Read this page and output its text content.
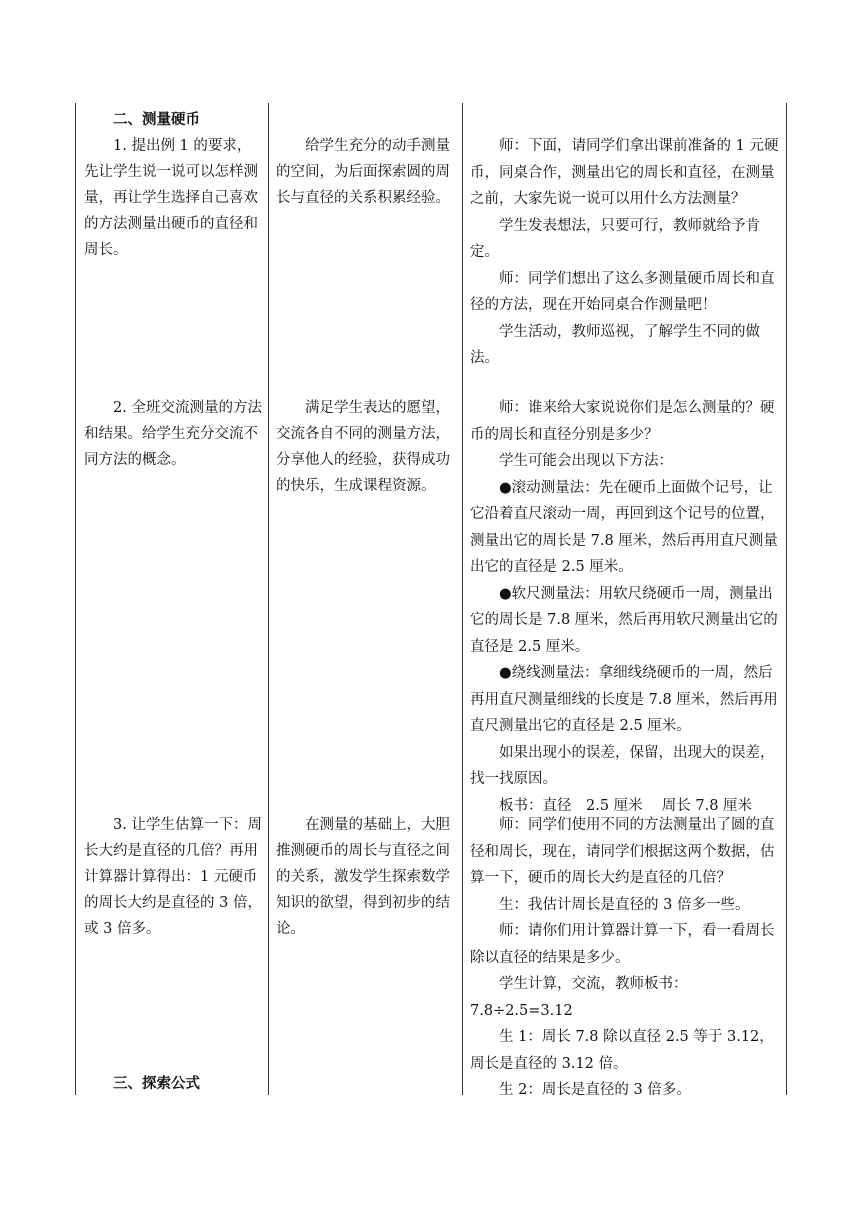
二、测量硬币

1. 提出例 1 的要求，先让学生说一说可以怎样测量，再让学生选择自己喜欢的方法测量出硬币的直径和周长。

2. 全班交流测量的方法和结果。给学生充分交流不同方法的概念。

3. 让学生估算一下：周长大约是直径的几倍？再用计算器计算得出：1 元硬币的周长大约是直径的 3 倍，或 3 倍多。

三、探索公式

给学生充分的动手测量的空间，为后面探索圆的周长与直径的关系积累经验。

满足学生表达的愿望，交流各自不同的测量方法，分享他人的经验，获得成功的快乐，生成课程资源。

在测量的基础上，大胆推测硬币的周长与直径之间的关系，激发学生探索数学知识的欲望，得到初步的结论。

师：下面，请同学们拿出课前准备的 1 元硬币，同桌合作，测量出它的周长和直径，在测量之前，大家先说一说可以用什么方法测量？

学生发表想法，只要可行，教师就给予肯定。

师：同学们想出了这么多测量硬币周长和直径的方法，现在开始同桌合作测量吧！

学生活动，教师巡视，了解学生不同的做法。

师：谁来给大家说说你们是怎么测量的？硬币的周长和直径分别是多少？

学生可能会出现以下方法：

●滚动测量法：先在硬币上面做个记号，让它沿着直尺滚动一周，再回到这个记号的位置，测量出它的周长是 7.8 厘米，然后再用直尺测量出它的直径是 2.5 厘米。

●软尺测量法：用软尺绕硬币一周，测量出它的周长是 7.8 厘米，然后再用软尺测量出它的直径是 2.5 厘米。

●绕线测量法：拿细线绕硬币的一周，然后再用直尺测量细线的长度是 7.8 厘米，然后再用直尺测量出它的直径是 2.5 厘米。

如果出现小的误差，保留，出现大的误差，找一找原因。

板书：直径　2.5 厘米　 周长 7.8 厘米

师：同学们使用不同的方法测量出了圆的直径和周长，现在，请同学们根据这两个数据，估算一下，硬币的周长大约是直径的几倍？

生：我估计周长是直径的 3 倍多一些。

师：请你们用计算器计算一下，看一看周长除以直径的结果是多少。

学生计算，交流，教师板书：7.8÷2.5=3.12

生 1：周长 7.8 除以直径 2.5 等于 3.12，周长是直径的 3.12 倍。

生 2：周长是直径的 3 倍多。
